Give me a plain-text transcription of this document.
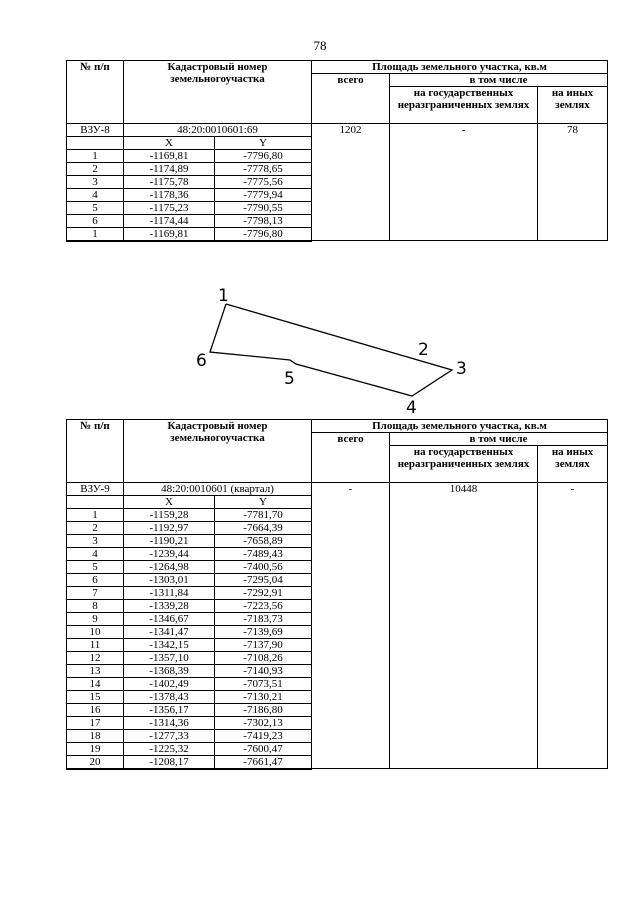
78
№ п/п	Кадастровый номер земельногоучастка		Площадь земельного участка, кв.м		
			всего	в том числе	
				на государственных неразграниченных землях	на иных землях
ВЗУ-8	48:20:0010601:69		1202	-	78
	X	Y			
1	-1169,81	-7796,80			
2	-1174,89	-7778,65			
3	-1175,78	-7775,56			
4	-1178,36	-7779,94			
5	-1175,23	-7790,55			
6	-1174,44	-7798,13			
1	-1169,81	-7796,80			

1
2
3
4
5
6
№ п/п	Кадастровый номер земельногоучастка		Площадь земельного участка, кв.м		
			всего	в том числе	
				на государственных неразграниченных землях	на иных землях
ВЗУ-9	48:20:0010601 (квартал)		-	10448	-
	X	Y			
1	-1159,28	-7781,70			
2	-1192,97	-7664,39			
3	-1190,21	-7658,89			
4	-1239,44	-7489,43			
5	-1264,98	-7400,56			
6	-1303,01	-7295,04			
7	-1311,84	-7292,91			
8	-1339,28	-7223,56			
9	-1346,67	-7183,73			
10	-1341,47	-7139,69			
11	-1342,15	-7137,90			
12	-1357,10	-7108,26			
13	-1368,39	-7140,93			
14	-1402,49	-7073,51			
15	-1378,43	-7130,21			
16	-1356,17	-7186,80			
17	-1314,36	-7302,13			
18	-1277,33	-7419,23			
19	-1225,32	-7600,47			
20	-1208,17	-7661,47			
